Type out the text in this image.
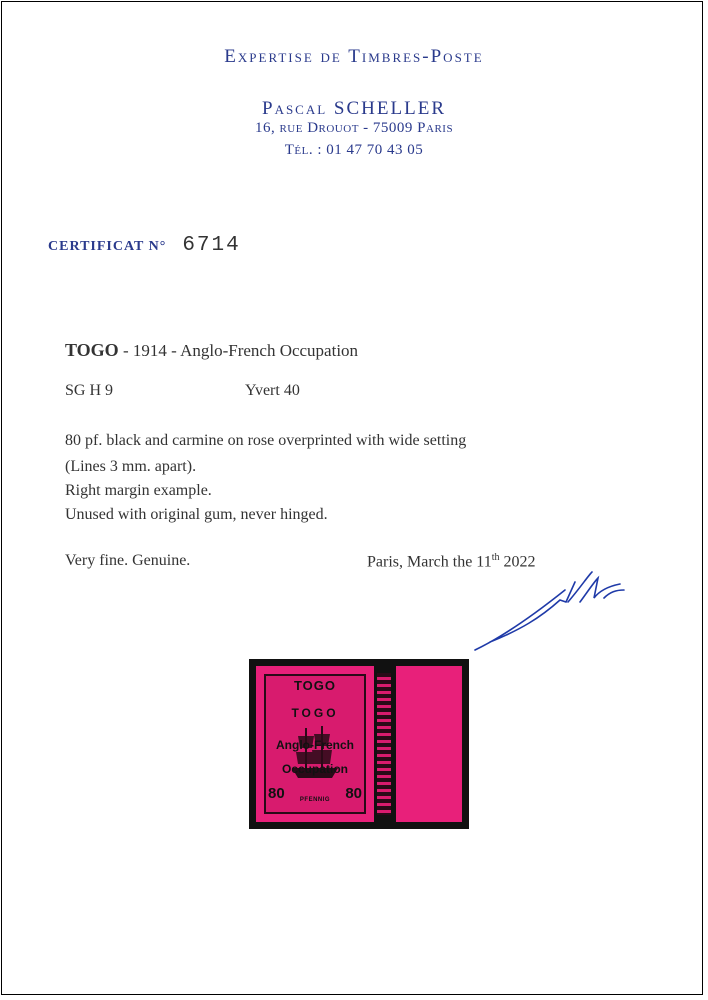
Expertise de Timbres-Poste
Pascal SCHELLER
16, rue Drouot - 75009 Paris
Tél. : 01 47 70 43 05
CERTIFICAT N° 6714
TOGO - 1914 - Anglo-French Occupation
SG H 9	Yvert 40
80 pf. black and carmine on rose overprinted with wide setting
(Lines 3 mm. apart).
Right margin example.
Unused with original gum, never hinged.
Very fine. Genuine.	Paris, March the 11th 2022
TOGO
TOGO
Anglo-French
Occupation
80	80
PFENNIG
